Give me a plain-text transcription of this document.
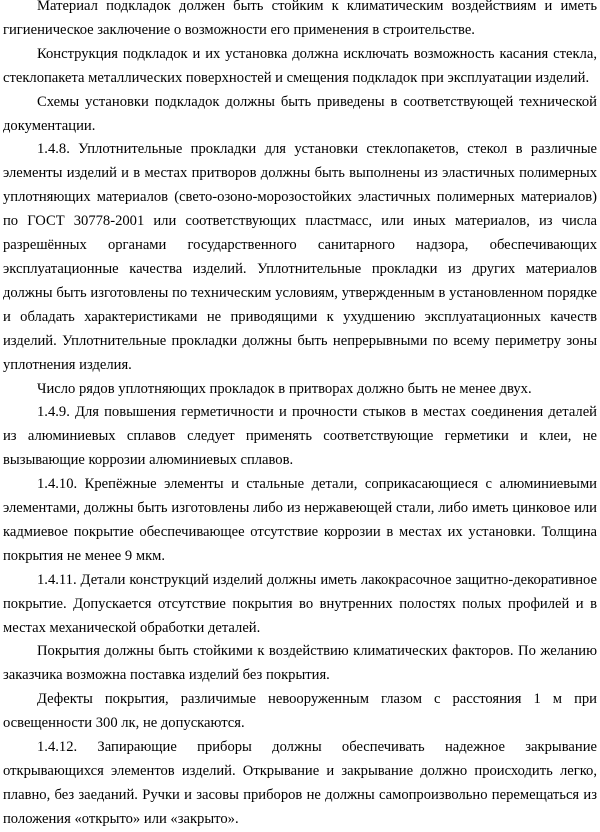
Материал подкладок должен быть стойким к климатическим воздействиям и иметь гигиеническое заключение о возможности его применения в строительстве.

Конструкция подкладок и их установка должна исключать возможность касания стекла, стеклопакета металлических поверхностей и смещения подкладок при эксплуатации изделий.

Схемы установки подкладок должны быть приведены в соответствующей технической документации.

1.4.8. Уплотнительные прокладки для установки стеклопакетов, стекол в различные элементы изделий и в местах притворов должны быть выполнены из эластичных полимерных уплотняющих материалов (свето-озоно-морозостойких эластичных полимерных материалов) по ГОСТ 30778-2001 или соответствующих пластмасс, или иных материалов, из числа разрешённых органами государственного санитарного надзора, обеспечивающих эксплуатационные качества изделий. Уплотнительные прокладки из других материалов должны быть изготовлены по техническим условиям, утвержденным в установленном порядке и обладать характеристиками не приводящими к ухудшению эксплуатационных качеств изделий. Уплотнительные прокладки должны быть непрерывными по всему периметру зоны уплотнения изделия.

Число рядов уплотняющих прокладок в притворах должно быть не менее двух.

1.4.9. Для повышения герметичности и прочности стыков в местах соединения деталей из алюминиевых сплавов следует применять соответствующие герметики и клеи, не вызывающие коррозии алюминиевых сплавов.

1.4.10. Крепёжные элементы и стальные детали, соприкасающиеся с алюминиевыми элементами, должны быть изготовлены либо из нержавеющей стали, либо иметь цинковое или кадмиевое покрытие обеспечивающее отсутствие коррозии в местах их установки. Толщина покрытия не менее 9 мкм.

1.4.11. Детали конструкций изделий должны иметь лакокрасочное защитно-декоративное покрытие. Допускается отсутствие покрытия во внутренних полостях полых профилей и в местах механической обработки деталей.

Покрытия должны быть стойкими к воздействию климатических факторов. По желанию заказчика возможна поставка изделий без покрытия.

Дефекты покрытия, различимые невооруженным глазом с расстояния 1 м при освещенности 300 лк, не допускаются.

1.4.12. Запирающие приборы должны обеспечивать надежное закрывание открывающихся элементов изделий. Открывание и закрывание должно происходить легко, плавно, без заеданий. Ручки и засовы приборов не должны самопроизвольно перемещаться из положения «открыто» или «закрыто».
